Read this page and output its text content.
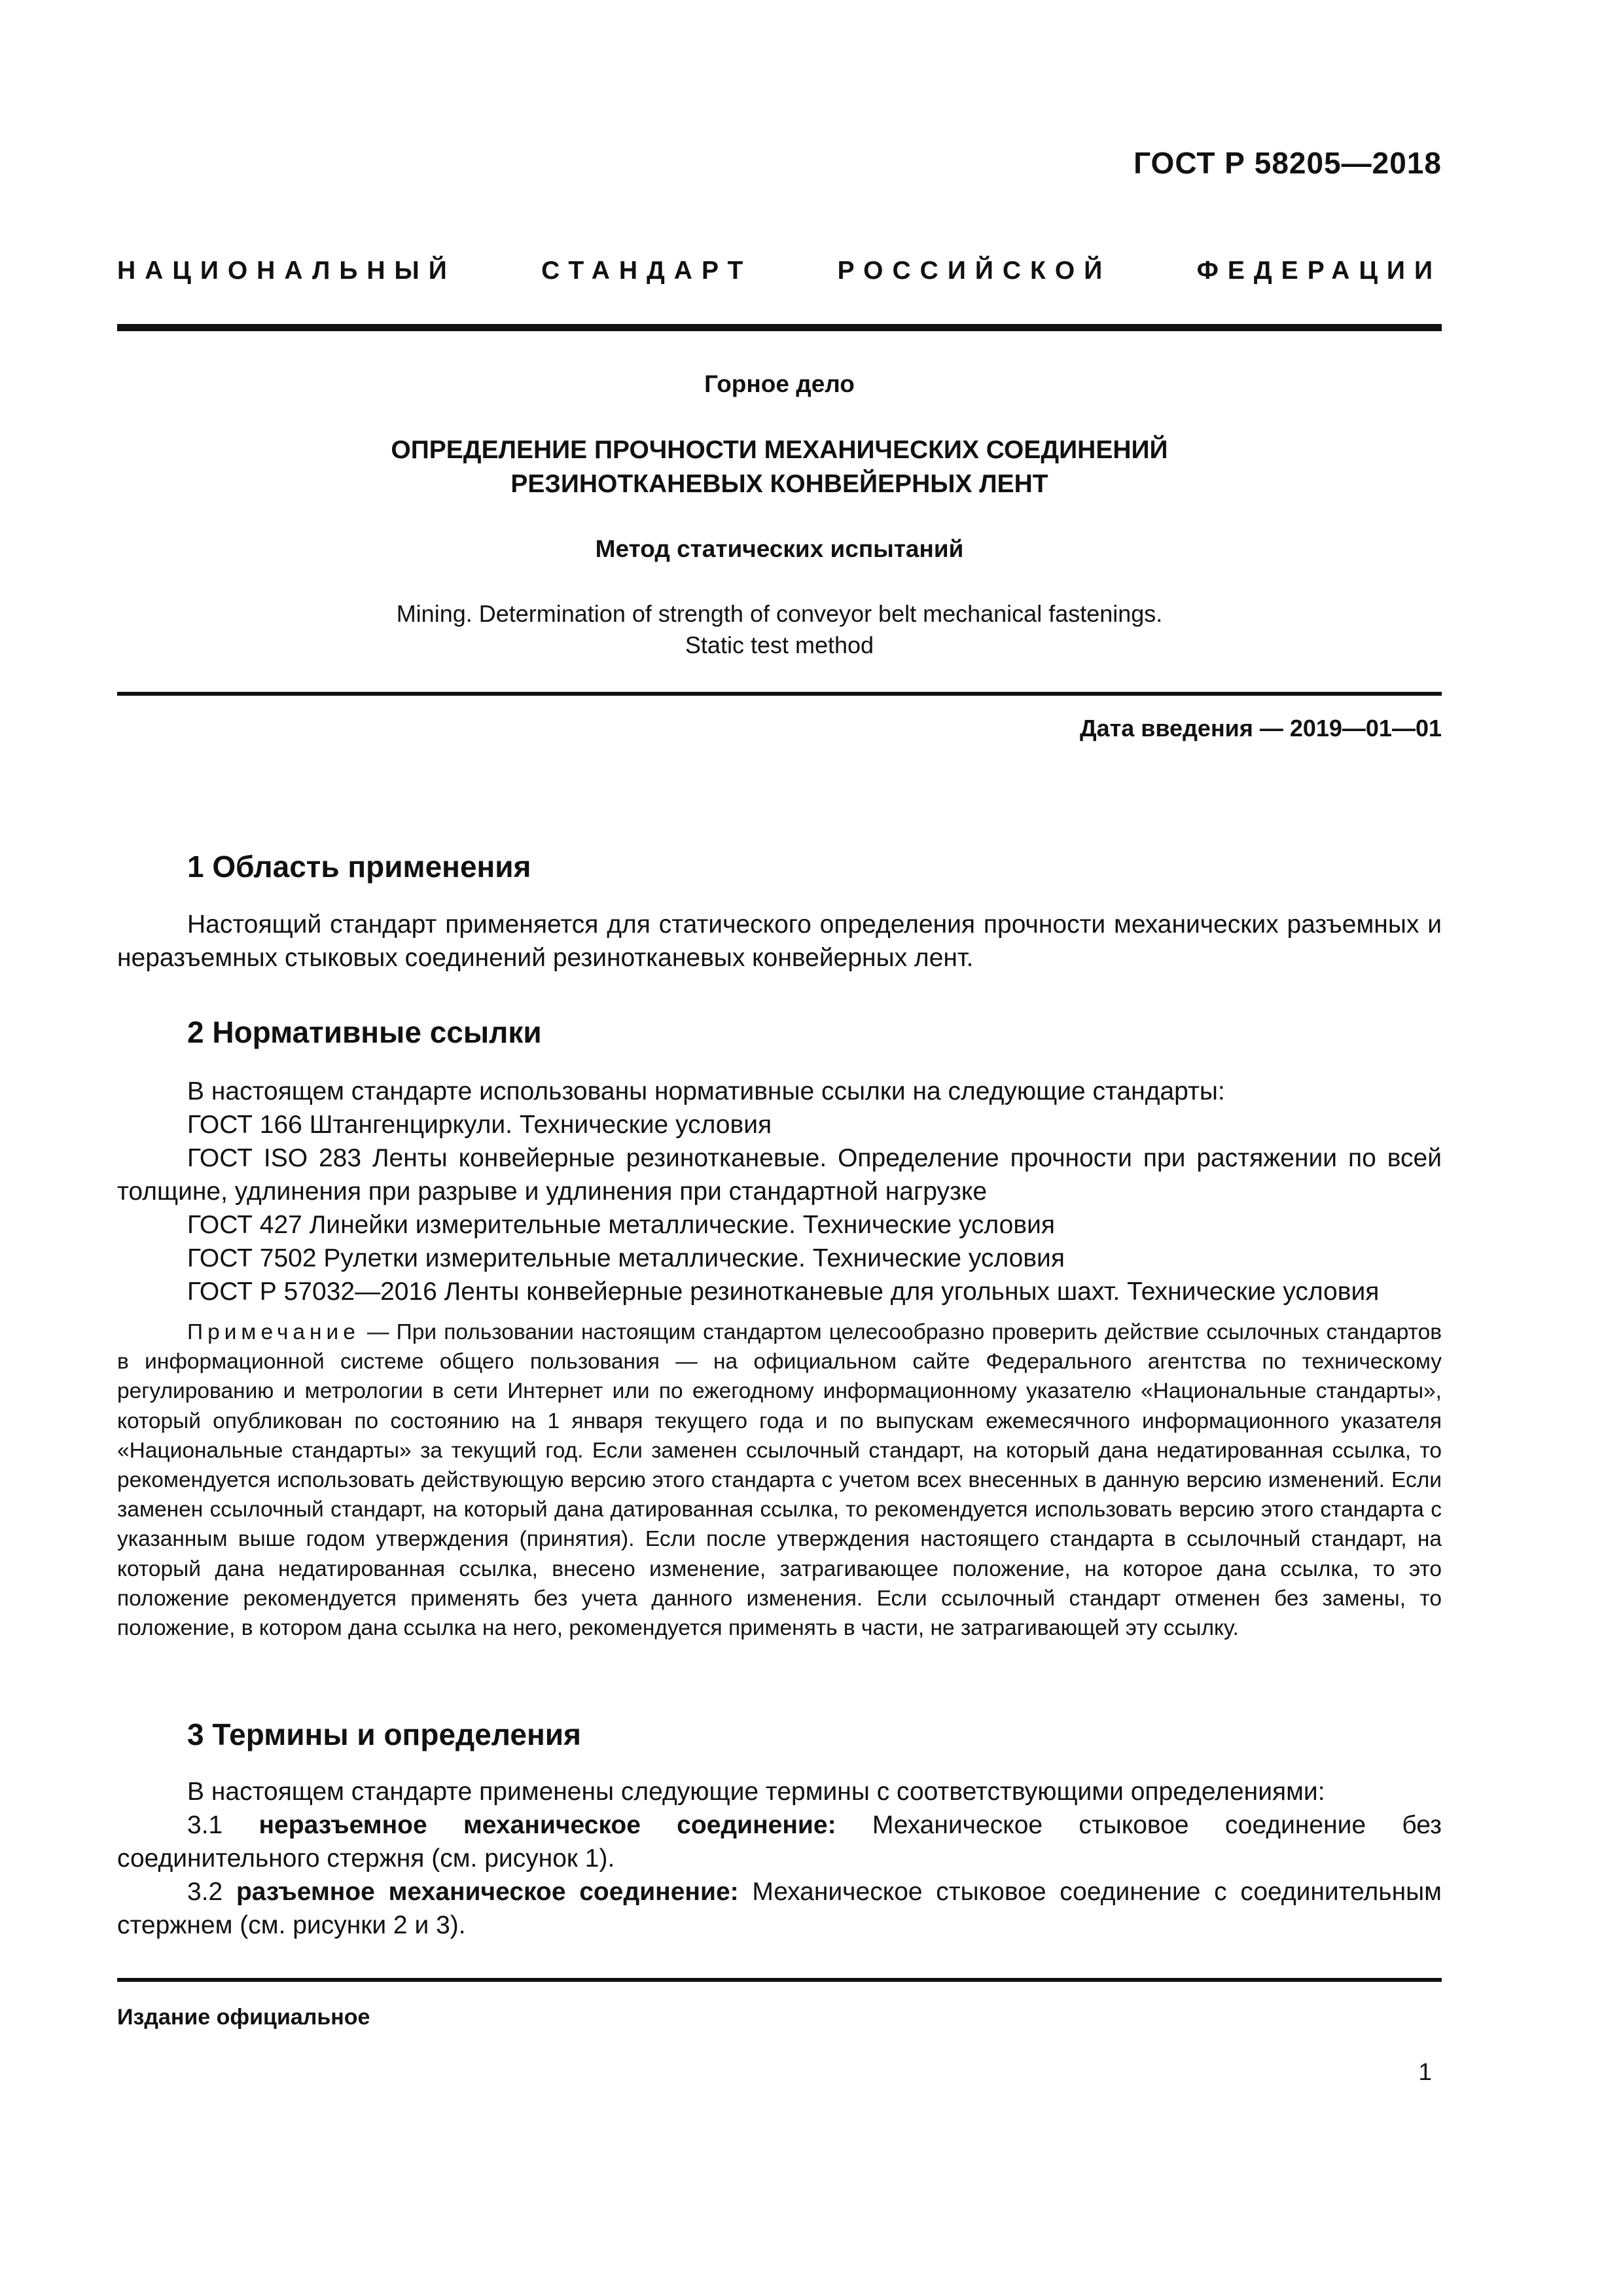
ГОСТ Р 58205—2018
НАЦИОНАЛЬНЫЙ СТАНДАРТ РОССИЙСКОЙ ФЕДЕРАЦИИ
Горное дело
ОПРЕДЕЛЕНИЕ ПРОЧНОСТИ МЕХАНИЧЕСКИХ СОЕДИНЕНИЙ
РЕЗИНОТКАНЕВЫХ КОНВЕЙЕРНЫХ ЛЕНТ
Метод статических испытаний
Mining. Determination of strength of conveyor belt mechanical fastenings.
Static test method
Дата введения — 2019—01—01
1 Область применения

Настоящий стандарт применяется для статического определения прочности механических разъемных и неразъемных стыковых соединений резинотканевых конвейерных лент.

2 Нормативные ссылки

В настоящем стандарте использованы нормативные ссылки на следующие стандарты:

ГОСТ 166 Штангенциркули. Технические условия

ГОСТ ISO 283 Ленты конвейерные резинотканевые. Определение прочности при растяжении по всей толщине, удлинения при разрыве и удлинения при стандартной нагрузке

ГОСТ 427 Линейки измерительные металлические. Технические условия

ГОСТ 7502 Рулетки измерительные металлические. Технические условия

ГОСТ Р 57032—2016 Ленты конвейерные резинотканевые для угольных шахт. Технические условия

Примечание — При пользовании настоящим стандартом целесообразно проверить действие ссылочных стандартов в информационной системе общего пользования — на официальном сайте Федерального агентства по техническому регулированию и метрологии в сети Интернет или по ежегодному информационному указателю «Национальные стандарты», который опубликован по состоянию на 1 января текущего года и по выпускам ежемесячного информационного указателя «Национальные стандарты» за текущий год. Если заменен ссылочный стандарт, на который дана недатированная ссылка, то рекомендуется использовать действующую версию этого стандарта с учетом всех внесенных в данную версию изменений. Если заменен ссылочный стандарт, на который дана датированная ссылка, то рекомендуется использовать версию этого стандарта с указанным выше годом утверждения (принятия). Если после утверждения настоящего стандарта в ссылочный стандарт, на который дана недатированная ссылка, внесено изменение, затрагивающее положение, на которое дана ссылка, то это положение рекомендуется применять без учета данного изменения. Если ссылочный стандарт отменен без замены, то положение, в котором дана ссылка на него, рекомендуется применять в части, не затрагивающей эту ссылку.

3 Термины и определения

В настоящем стандарте применены следующие термины с соответствующими определениями:

3.1 неразъемное механическое соединение: Механическое стыковое соединение без соединительного стержня (см. рисунок 1).

3.2 разъемное механическое соединение: Механическое стыковое соединение с соединительным стержнем (см. рисунки 2 и 3).

Издание официальное
1
